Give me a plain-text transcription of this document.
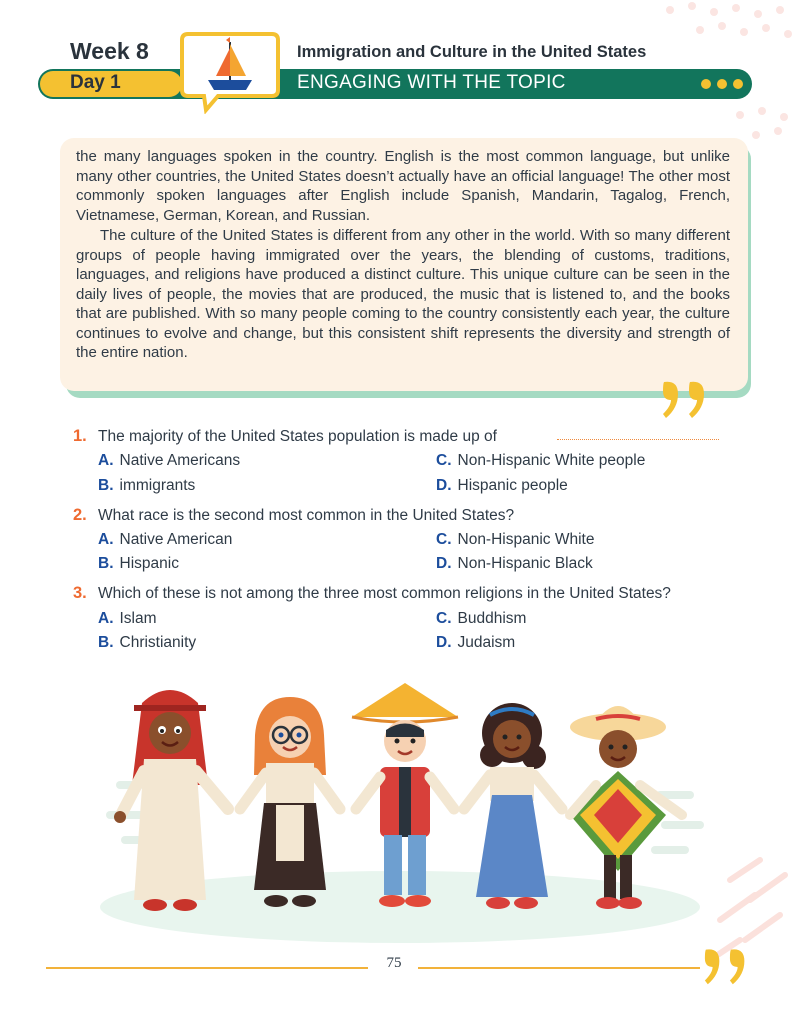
Week 8	Immigration and Culture in the United States
Day 1	ENGAGING WITH THE TOPIC

the many languages spoken in the country. English is the most common language, but unlike many other countries, the United States doesn’t actually have an official language! The other most commonly spoken languages after English include Spanish, Mandarin, Tagalog, French, Vietnamese, German, Korean, and Russian.

The culture of the United States is different from any other in the world. With so many different groups of people having immigrated over the years, the blending of customs, traditions, languages, and religions have produced a distinct culture. This unique culture can be seen in the daily lives of people, the movies that are produced, the music that is listened to, and the books that are published. With so many people coming to the country consistently each year, the culture continues to evolve and change, but this consistent shift represents the diversity and strength of the entire nation.

1. The majority of the United States population is made up of
A. Native Americans
B. immigrants
C. Non-Hispanic White people
D. Hispanic people
2. What race is the second most common in the United States?
A. Native American
B. Hispanic
C. Non-Hispanic White
D. Non-Hispanic Black
3. Which of these is not among the three most common religions in the United States?
A. Islam
B. Christianity
C. Buddhism
D. Judaism
75
